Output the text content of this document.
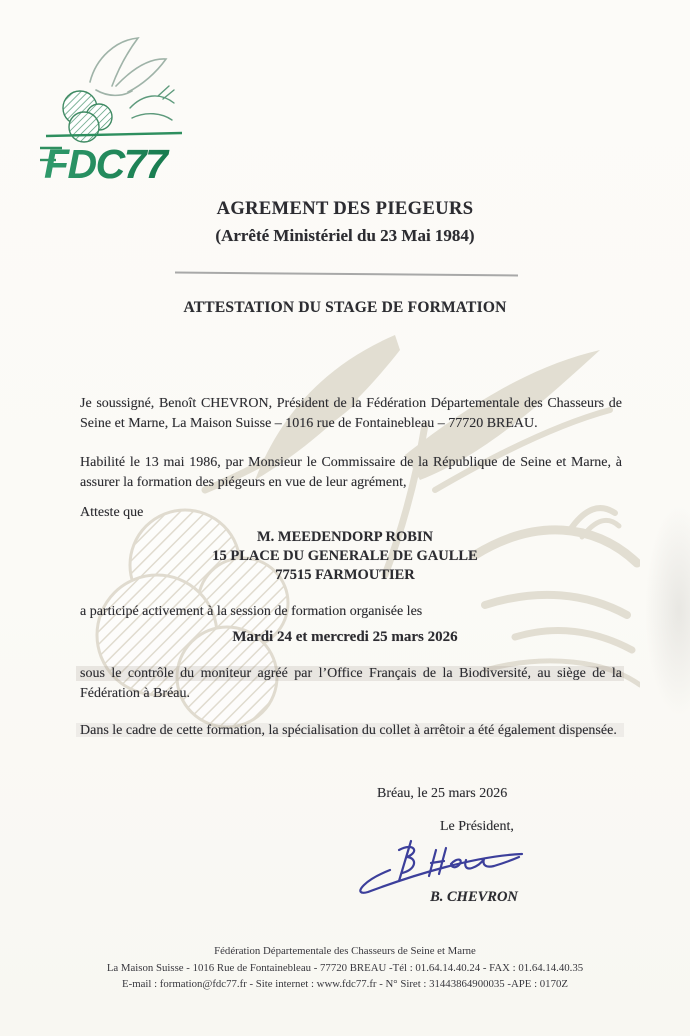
FDC77
AGREMENT DES PIEGEURS
(Arrêté Ministériel du 23 Mai 1984)
ATTESTATION DU STAGE DE FORMATION
Je soussigné, Benoît CHEVRON, Président de la Fédération Départementale des Chasseurs de Seine et Marne, La Maison Suisse – 1016 rue de Fontainebleau – 77720 BREAU.
Habilité le 13 mai 1986, par Monsieur le Commissaire de la République de Seine et Marne, à assurer la formation des piégeurs en vue de leur agrément,
Atteste que
M. MEEDENDORP ROBIN
15 PLACE DU GENERALE DE GAULLE
77515 FARMOUTIER
a participé activement à la session de formation organisée les
Mardi 24 et mercredi 25 mars 2026
sous le contrôle du moniteur agréé par l’Office Français de la Biodiversité, au siège de la Fédération à Bréau.
Dans le cadre de cette formation, la spécialisation du collet à arrêtoir a été également dispensée.
Bréau, le 25 mars 2026
Le Président,
B. CHEVRON
Fédération Départementale des Chasseurs de Seine et Marne
La Maison Suisse - 1016 Rue de Fontainebleau - 77720 BREAU -Tél : 01.64.14.40.24 - FAX : 01.64.14.40.35
E-mail : formation@fdc77.fr - Site internet : www.fdc77.fr - N° Siret : 31443864900035 -APE : 0170Z
